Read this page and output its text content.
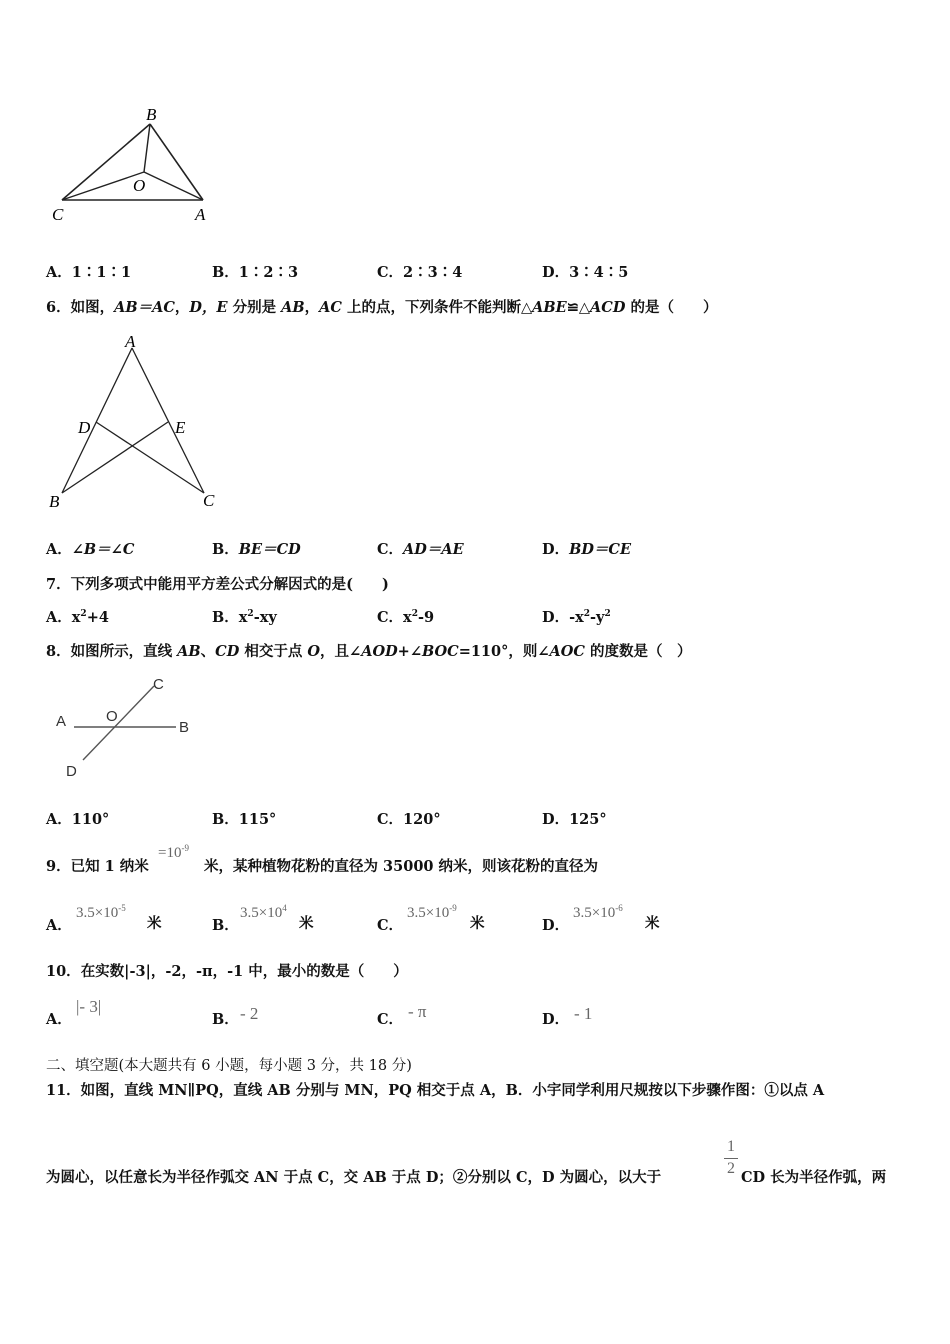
B
O
C	A
A．1∶1∶1	B．1∶2∶3	C．2∶3∶4	D．3∶4∶5
6．如图，AB＝AC，D，E 分别是 AB，AC 上的点，下列条件不能判断△ABE≌△ACD 的是（　　）
A
D	E
B	C
A．∠B＝∠C	B．BE＝CD	C．AD＝AE	D．BD＝CE
7．下列多项式中能用平方差公式分解因式的是(　　)
A．$x^2+4$	B．$x^2-xy$	C．$x^2-9$	D．$-x^2-y^2$
8．如图所示，直线 AB、CD 相交于点 O，且∠AOD+∠BOC=110°，则∠AOC 的度数是（　）
C
A	O
B
D
A．110°	B．115°	C．120°	D．125°
9．已知 1 纳米
$=10^{-9}$
米，某种植物花粉的直径为 35000 纳米，则该花粉的直径为
A．
$3.5\times 10^{-5}$
米	B．
$3.5\times 10^4$
米	C．
$3.5\times 10^{-9}$
米	D．
$3.5\times 10^{-6}$
米
10．在实数|-3|，-2，-π，-1 中，最小的数是（　　）
A．
|- 3|
B． - 2	C． - π	D． - 1
二、填空题(本大题共有 6 小题，每小题 3 分，共 18 分)
11．如图，直线 MN∥PQ，直线 AB 分别与 MN，PQ 相交于点 A，B．小宇同学利用尺规按以下步骤作图：①以点 A
为圆心，以任意长为半径作弧交 AN 于点 C，交 AB 于点 D；②分别以 C，D 为圆心，以大于
1
2
CD 长为半径作弧，两
